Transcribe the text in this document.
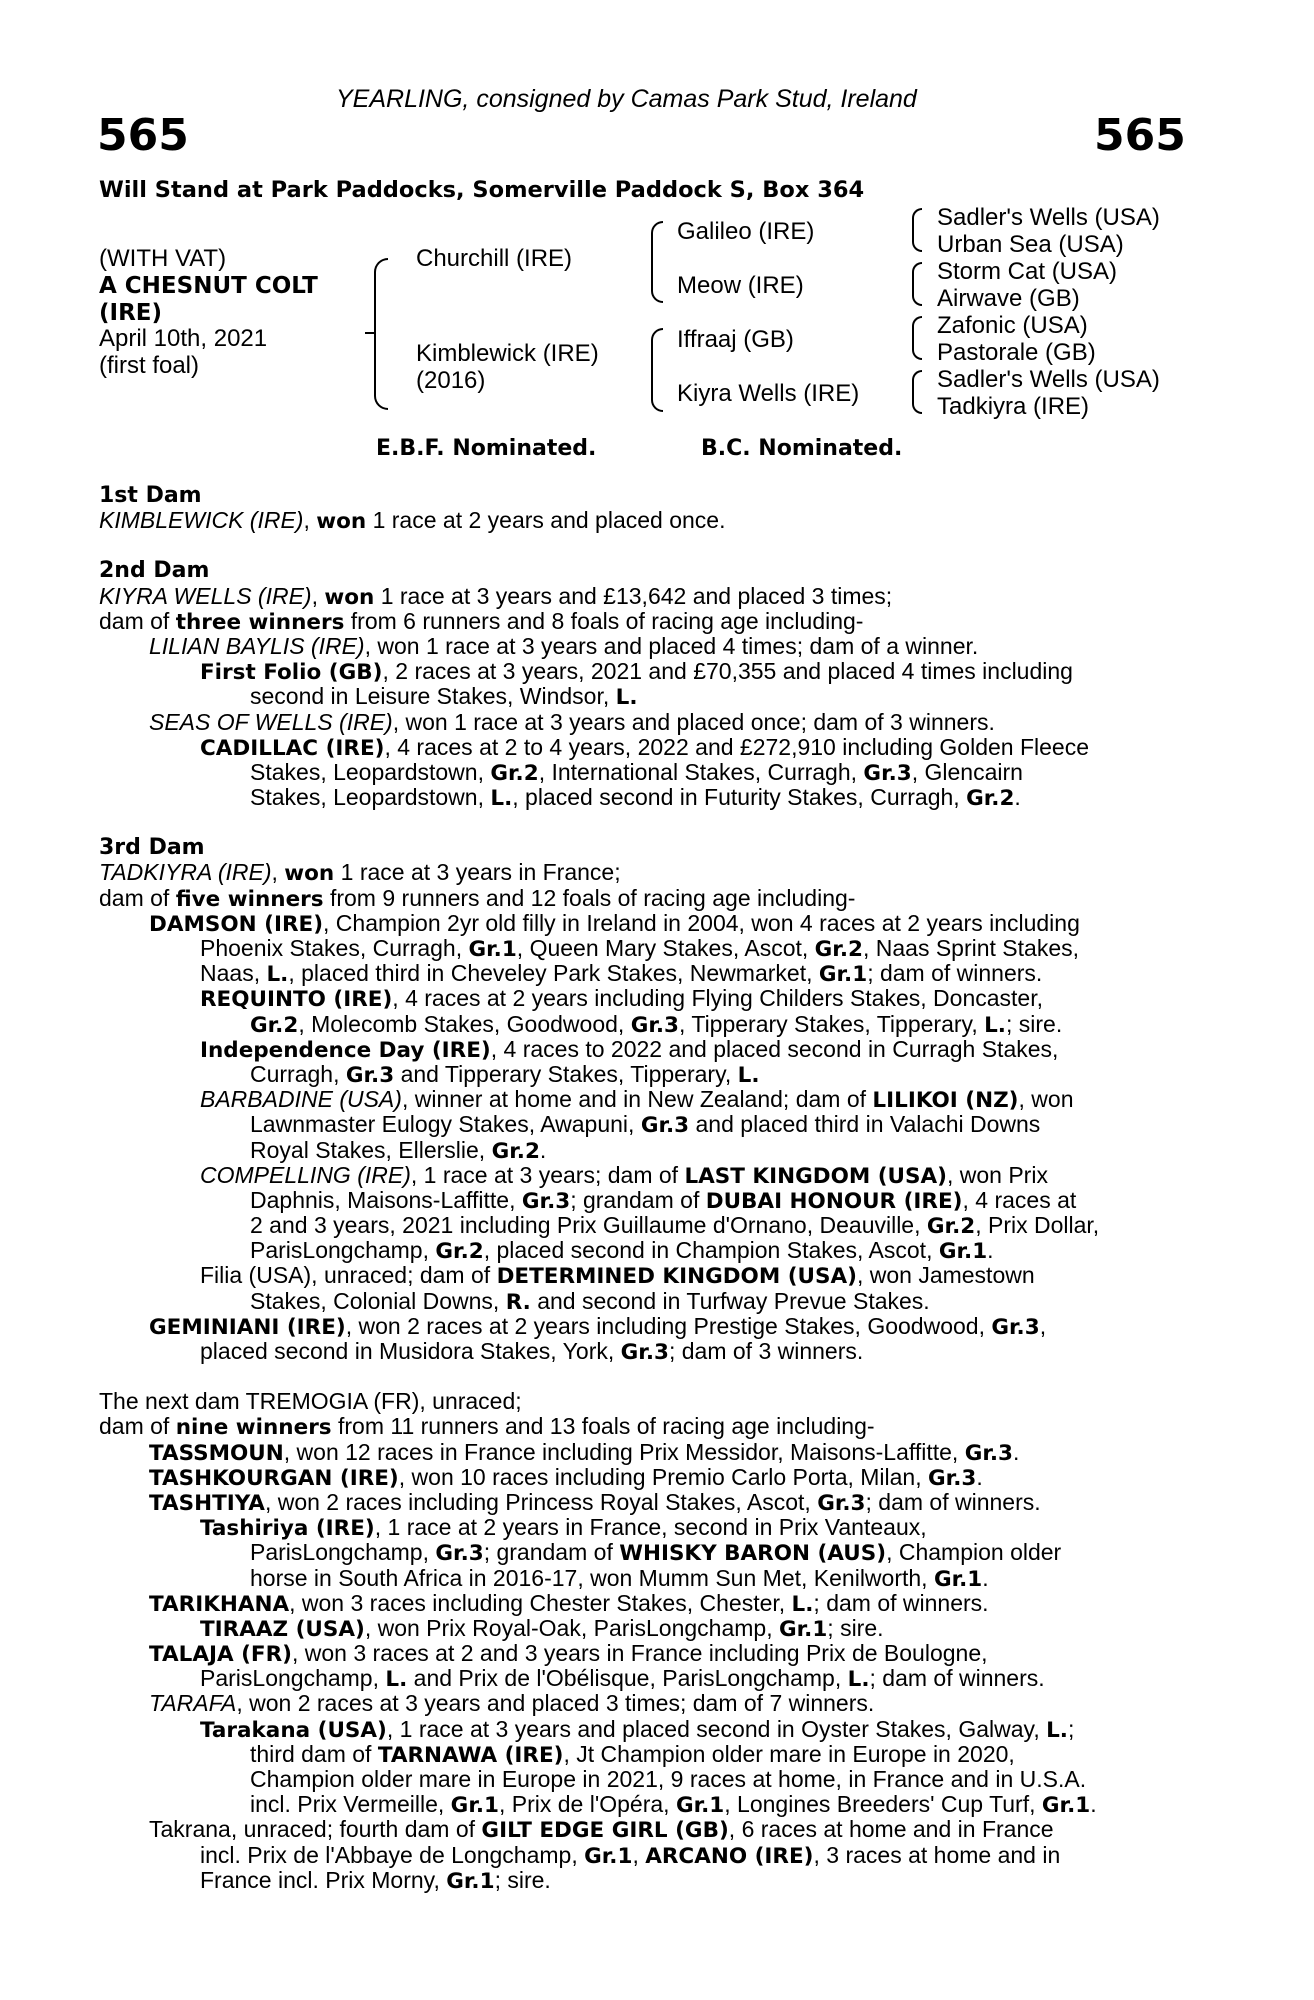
YEARLING, consigned by Camas Park Stud, Ireland
565	565
Will Stand at Park Paddocks, Somerville Paddock S, Box 364
(WITH VAT)
A CHESNUT COLT
(IRE)
April 10th, 2021
(first foal)
Churchill (IRE)
Kimblewick (IRE)
(2016)
Galileo (IRE)
Meow (IRE)
Iffraaj (GB)
Kiyra Wells (IRE)
Sadler's Wells (USA)
Urban Sea (USA)
Storm Cat (USA)
Airwave (GB)
Zafonic (USA)
Pastorale (GB)
Sadler's Wells (USA)
Tadkiyra (IRE)
E.B.F. Nominated.	B.C. Nominated.
1st Dam
KIMBLEWICK (IRE), won 1 race at 2 years and placed once.
2nd Dam
KIYRA WELLS (IRE), won 1 race at 3 years and £13,642 and placed 3 times;
dam of three winners from 6 runners and 8 foals of racing age including-
LILIAN BAYLIS (IRE), won 1 race at 3 years and placed 4 times; dam of a winner.
First Folio (GB), 2 races at 3 years, 2021 and £70,355 and placed 4 times including
second in Leisure Stakes, Windsor, L.
SEAS OF WELLS (IRE), won 1 race at 3 years and placed once; dam of 3 winners.
CADILLAC (IRE), 4 races at 2 to 4 years, 2022 and £272,910 including Golden Fleece
Stakes, Leopardstown, Gr.2, International Stakes, Curragh, Gr.3, Glencairn
Stakes, Leopardstown, L., placed second in Futurity Stakes, Curragh, Gr.2.
3rd Dam
TADKIYRA (IRE), won 1 race at 3 years in France;
dam of five winners from 9 runners and 12 foals of racing age including-
DAMSON (IRE), Champion 2yr old filly in Ireland in 2004, won 4 races at 2 years including
Phoenix Stakes, Curragh, Gr.1, Queen Mary Stakes, Ascot, Gr.2, Naas Sprint Stakes,
Naas, L., placed third in Cheveley Park Stakes, Newmarket, Gr.1; dam of winners.
REQUINTO (IRE), 4 races at 2 years including Flying Childers Stakes, Doncaster,
Gr.2, Molecomb Stakes, Goodwood, Gr.3, Tipperary Stakes, Tipperary, L.; sire.
Independence Day (IRE), 4 races to 2022 and placed second in Curragh Stakes,
Curragh, Gr.3 and Tipperary Stakes, Tipperary, L.
BARBADINE (USA), winner at home and in New Zealand; dam of LILIKOI (NZ), won
Lawnmaster Eulogy Stakes, Awapuni, Gr.3 and placed third in Valachi Downs
Royal Stakes, Ellerslie, Gr.2.
COMPELLING (IRE), 1 race at 3 years; dam of LAST KINGDOM (USA), won Prix
Daphnis, Maisons-Laffitte, Gr.3; grandam of DUBAI HONOUR (IRE), 4 races at
2 and 3 years, 2021 including Prix Guillaume d'Ornano, Deauville, Gr.2, Prix Dollar,
ParisLongchamp, Gr.2, placed second in Champion Stakes, Ascot, Gr.1.
Filia (USA), unraced; dam of DETERMINED KINGDOM (USA), won Jamestown
Stakes, Colonial Downs, R. and second in Turfway Prevue Stakes.
GEMINIANI (IRE), won 2 races at 2 years including Prestige Stakes, Goodwood, Gr.3,
placed second in Musidora Stakes, York, Gr.3; dam of 3 winners.
The next dam TREMOGIA (FR), unraced;
dam of nine winners from 11 runners and 13 foals of racing age including-
TASSMOUN, won 12 races in France including Prix Messidor, Maisons-Laffitte, Gr.3.
TASHKOURGAN (IRE), won 10 races including Premio Carlo Porta, Milan, Gr.3.
TASHTIYA, won 2 races including Princess Royal Stakes, Ascot, Gr.3; dam of winners.
Tashiriya (IRE), 1 race at 2 years in France, second in Prix Vanteaux,
ParisLongchamp, Gr.3; grandam of WHISKY BARON (AUS), Champion older
horse in South Africa in 2016-17, won Mumm Sun Met, Kenilworth, Gr.1.
TARIKHANA, won 3 races including Chester Stakes, Chester, L.; dam of winners.
TIRAAZ (USA), won Prix Royal-Oak, ParisLongchamp, Gr.1; sire.
TALAJA (FR), won 3 races at 2 and 3 years in France including Prix de Boulogne,
ParisLongchamp, L. and Prix de l'Obélisque, ParisLongchamp, L.; dam of winners.
TARAFA, won 2 races at 3 years and placed 3 times; dam of 7 winners.
Tarakana (USA), 1 race at 3 years and placed second in Oyster Stakes, Galway, L.;
third dam of TARNAWA (IRE), Jt Champion older mare in Europe in 2020,
Champion older mare in Europe in 2021, 9 races at home, in France and in U.S.A.
incl. Prix Vermeille, Gr.1, Prix de l'Opéra, Gr.1, Longines Breeders' Cup Turf, Gr.1.
Takrana, unraced; fourth dam of GILT EDGE GIRL (GB), 6 races at home and in France
incl. Prix de l'Abbaye de Longchamp, Gr.1, ARCANO (IRE), 3 races at home and in
France incl. Prix Morny, Gr.1; sire.
